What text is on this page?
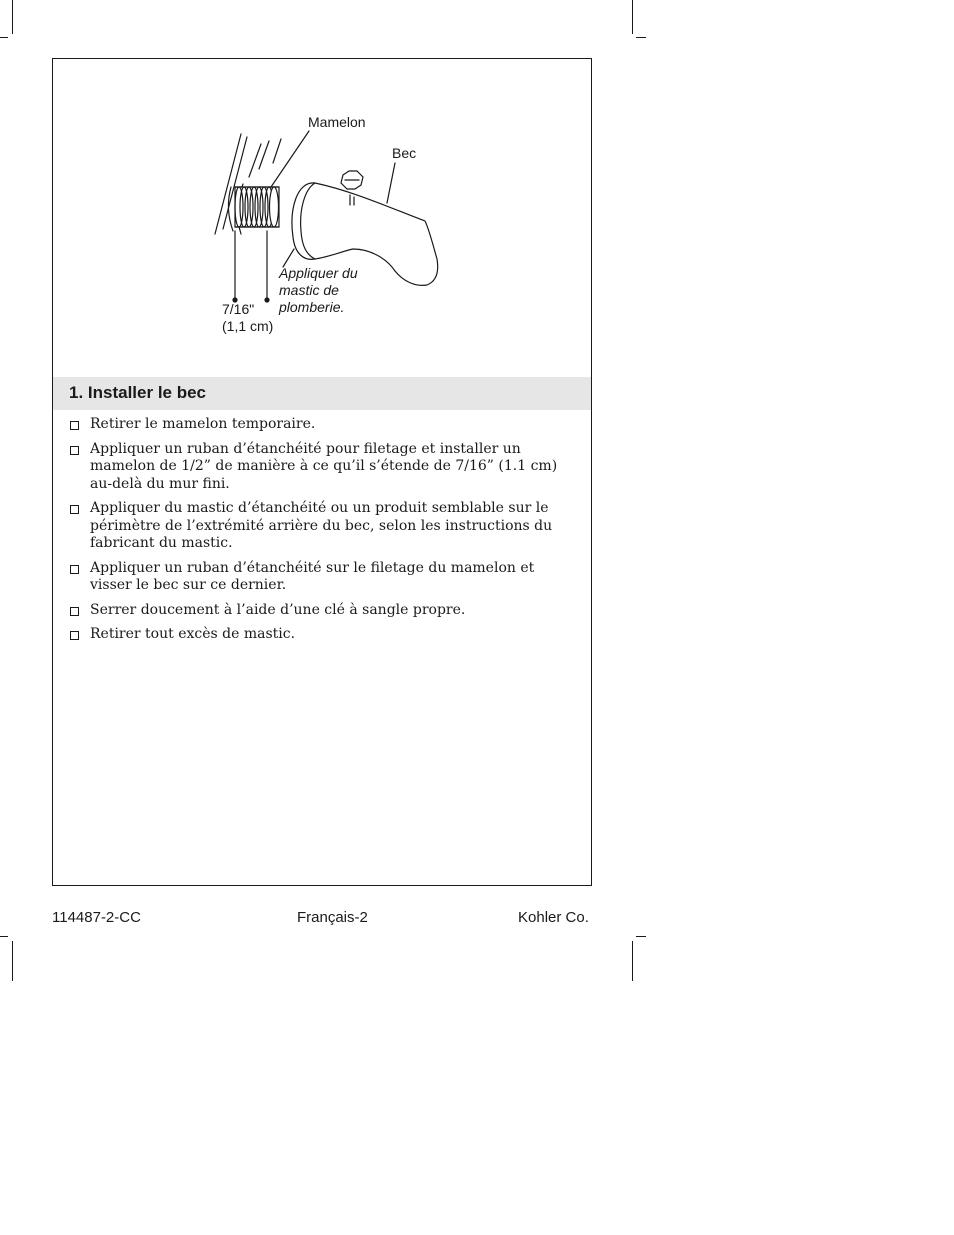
Mamelon
Bec
Appliquer du
mastic de
plomberie.
7/16"
(1,1 cm)
1. Installer le bec
Retirer le mamelon temporaire.
Appliquer un ruban d’étanchéité pour filetage et installer un mamelon de 1/2” de manière à ce qu’il s’étende de 7/16” (1.1 cm) au-delà du mur fini.
Appliquer du mastic d’étanchéité ou un produit semblable sur le périmètre de l’extrémité arrière du bec, selon les instructions du fabricant du mastic.
Appliquer un ruban d’étanchéité sur le filetage du mamelon et visser le bec sur ce dernier.
Serrer doucement à l’aide d’une clé à sangle propre.
Retirer tout excès de mastic.
114487-2-CC	Français-2	Kohler Co.
